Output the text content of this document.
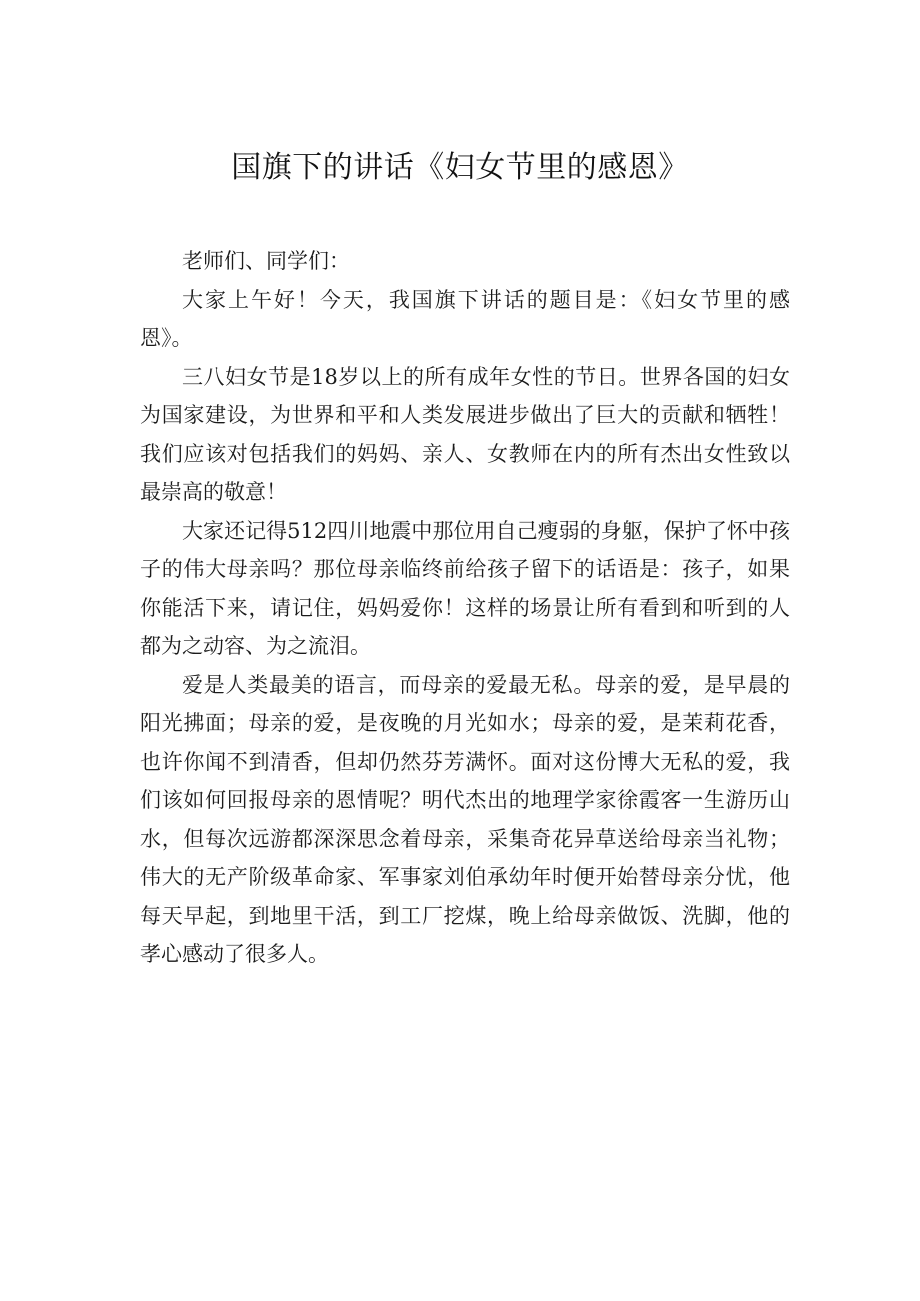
国旗下的讲话《妇女节里的感恩》

老师们、同学们：

大家上午好！今天，我国旗下讲话的题目是：《妇女节里的感恩》。

三八妇女节是18岁以上的所有成年女性的节日。世界各国的妇女为国家建设，为世界和平和人类发展进步做出了巨大的贡献和牺牲！我们应该对包括我们的妈妈、亲人、女教师在内的所有杰出女性致以最崇高的敬意！

大家还记得512四川地震中那位用自己瘦弱的身躯，保护了怀中孩子的伟大母亲吗？那位母亲临终前给孩子留下的话语是：孩子，如果你能活下来，请记住，妈妈爱你！这样的场景让所有看到和听到的人都为之动容、为之流泪。

爱是人类最美的语言，而母亲的爱最无私。母亲的爱，是早晨的阳光拂面；母亲的爱，是夜晚的月光如水；母亲的爱，是茉莉花香，也许你闻不到清香，但却仍然芬芳满怀。面对这份博大无私的爱，我们该如何回报母亲的恩情呢？明代杰出的地理学家徐霞客一生游历山水，但每次远游都深深思念着母亲，采集奇花异草送给母亲当礼物；伟大的无产阶级革命家、军事家刘伯承幼年时便开始替母亲分忧，他每天早起，到地里干活，到工厂挖煤，晚上给母亲做饭、洗脚，他的孝心感动了很多人。
